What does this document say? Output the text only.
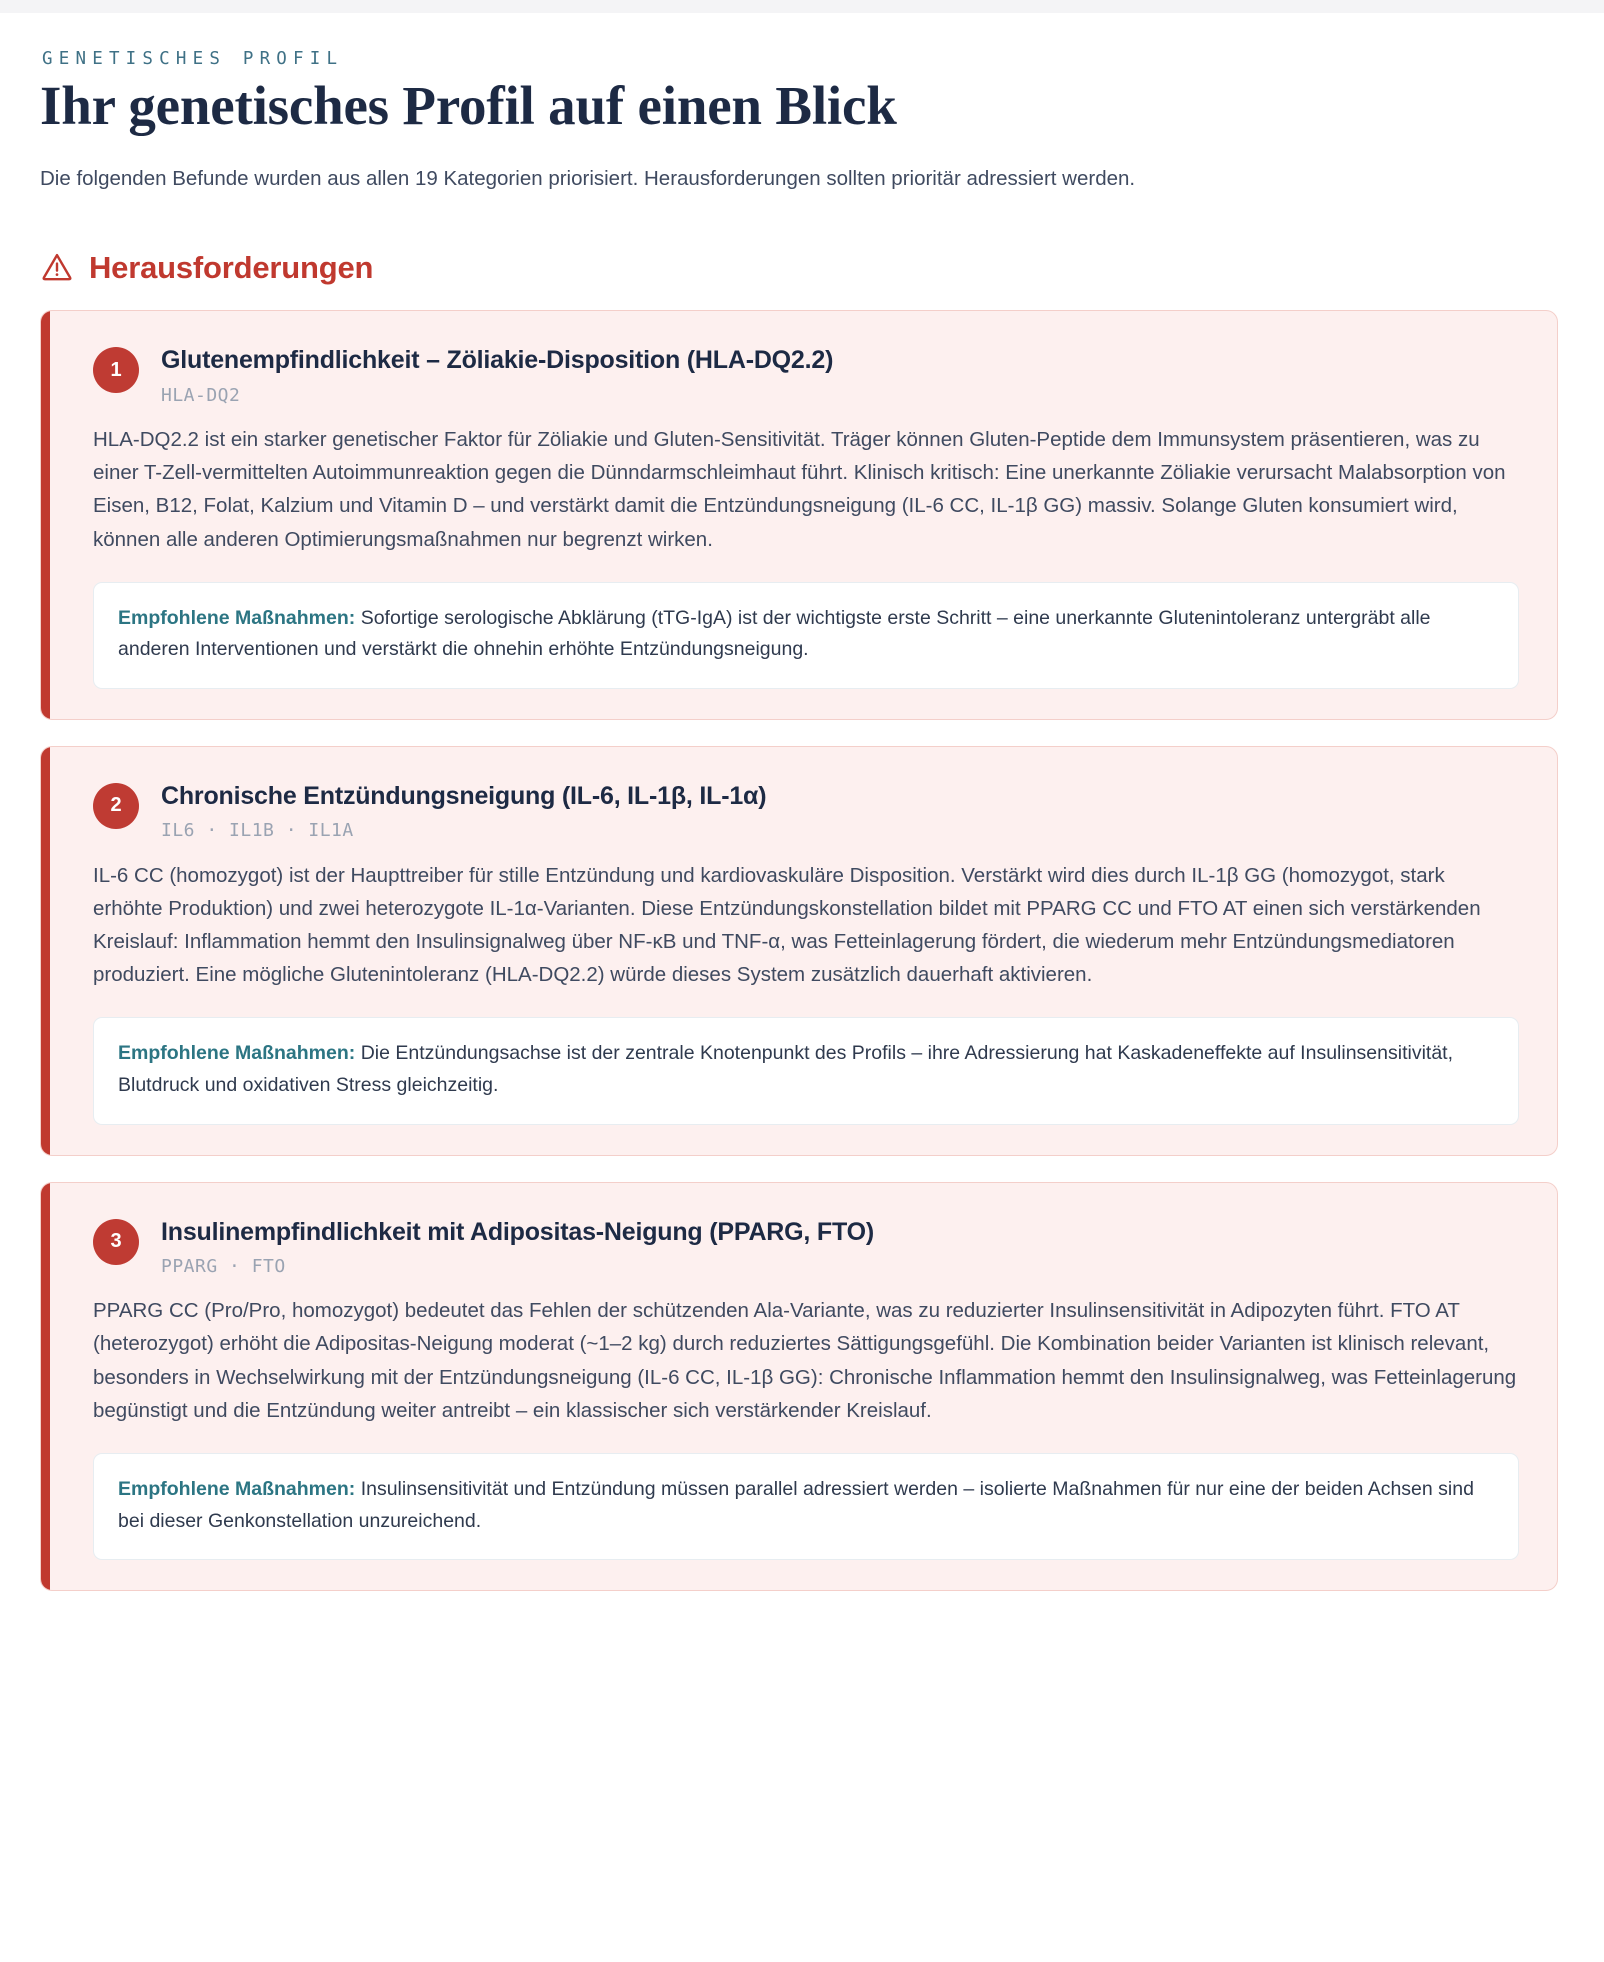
GENETISCHES PROFIL
Ihr genetisches Profil auf einen Blick

Die folgenden Befunde wurden aus allen 19 Kategorien priorisiert. Herausforderungen sollten prioritär adressiert werden.

Herausforderungen
1	Glutenempfindlichkeit – Zöliakie-Disposition (HLA-DQ2.2)
HLA-DQ2

HLA-DQ2.2 ist ein starker genetischer Faktor für Zöliakie und Gluten-Sensitivität. Träger können Gluten-Peptide dem Immunsystem präsentieren, was zu einer T-Zell-vermittelten Autoimmunreaktion gegen die Dünndarmschleimhaut führt. Klinisch kritisch: Eine unerkannte Zöliakie verursacht Malabsorption von Eisen, B12, Folat, Kalzium und Vitamin D – und verstärkt damit die Entzündungsneigung (IL-6 CC, IL-1β GG) massiv. Solange Gluten konsumiert wird, können alle anderen Optimierungsmaßnahmen nur begrenzt wirken.

Empfohlene Maßnahmen: Sofortige serologische Abklärung (tTG-IgA) ist der wichtigste erste Schritt – eine unerkannte Glutenintoleranz untergräbt alle anderen Interventionen und verstärkt die ohnehin erhöhte Entzündungsneigung.
2	Chronische Entzündungsneigung (IL-6, IL-1β, IL-1α)
IL6 · IL1B · IL1A

IL-6 CC (homozygot) ist der Haupttreiber für stille Entzündung und kardiovaskuläre Disposition. Verstärkt wird dies durch IL-1β GG (homozygot, stark erhöhte Produktion) und zwei heterozygote IL-1α-Varianten. Diese Entzündungskonstellation bildet mit PPARG CC und FTO AT einen sich verstärkenden Kreislauf: Inflammation hemmt den Insulinsignalweg über NF-κB und TNF-α, was Fetteinlagerung fördert, die wiederum mehr Entzündungsmediatoren produziert. Eine mögliche Glutenintoleranz (HLA-DQ2.2) würde dieses System zusätzlich dauerhaft aktivieren.

Empfohlene Maßnahmen: Die Entzündungsachse ist der zentrale Knotenpunkt des Profils – ihre Adressierung hat Kaskadeneffekte auf Insulinsensitivität, Blutdruck und oxidativen Stress gleichzeitig.
3	Insulinempfindlichkeit mit Adipositas-Neigung (PPARG, FTO)
PPARG · FTO

PPARG CC (Pro/Pro, homozygot) bedeutet das Fehlen der schützenden Ala-Variante, was zu reduzierter Insulinsensitivität in Adipozyten führt. FTO AT (heterozygot) erhöht die Adipositas-Neigung moderat (~1–2 kg) durch reduziertes Sättigungsgefühl. Die Kombination beider Varianten ist klinisch relevant, besonders in Wechselwirkung mit der Entzündungsneigung (IL-6 CC, IL-1β GG): Chronische Inflammation hemmt den Insulinsignalweg, was Fetteinlagerung begünstigt und die Entzündung weiter antreibt – ein klassischer sich verstärkender Kreislauf.

Empfohlene Maßnahmen: Insulinsensitivität und Entzündung müssen parallel adressiert werden – isolierte Maßnahmen für nur eine der beiden Achsen sind bei dieser Genkonstellation unzureichend.
